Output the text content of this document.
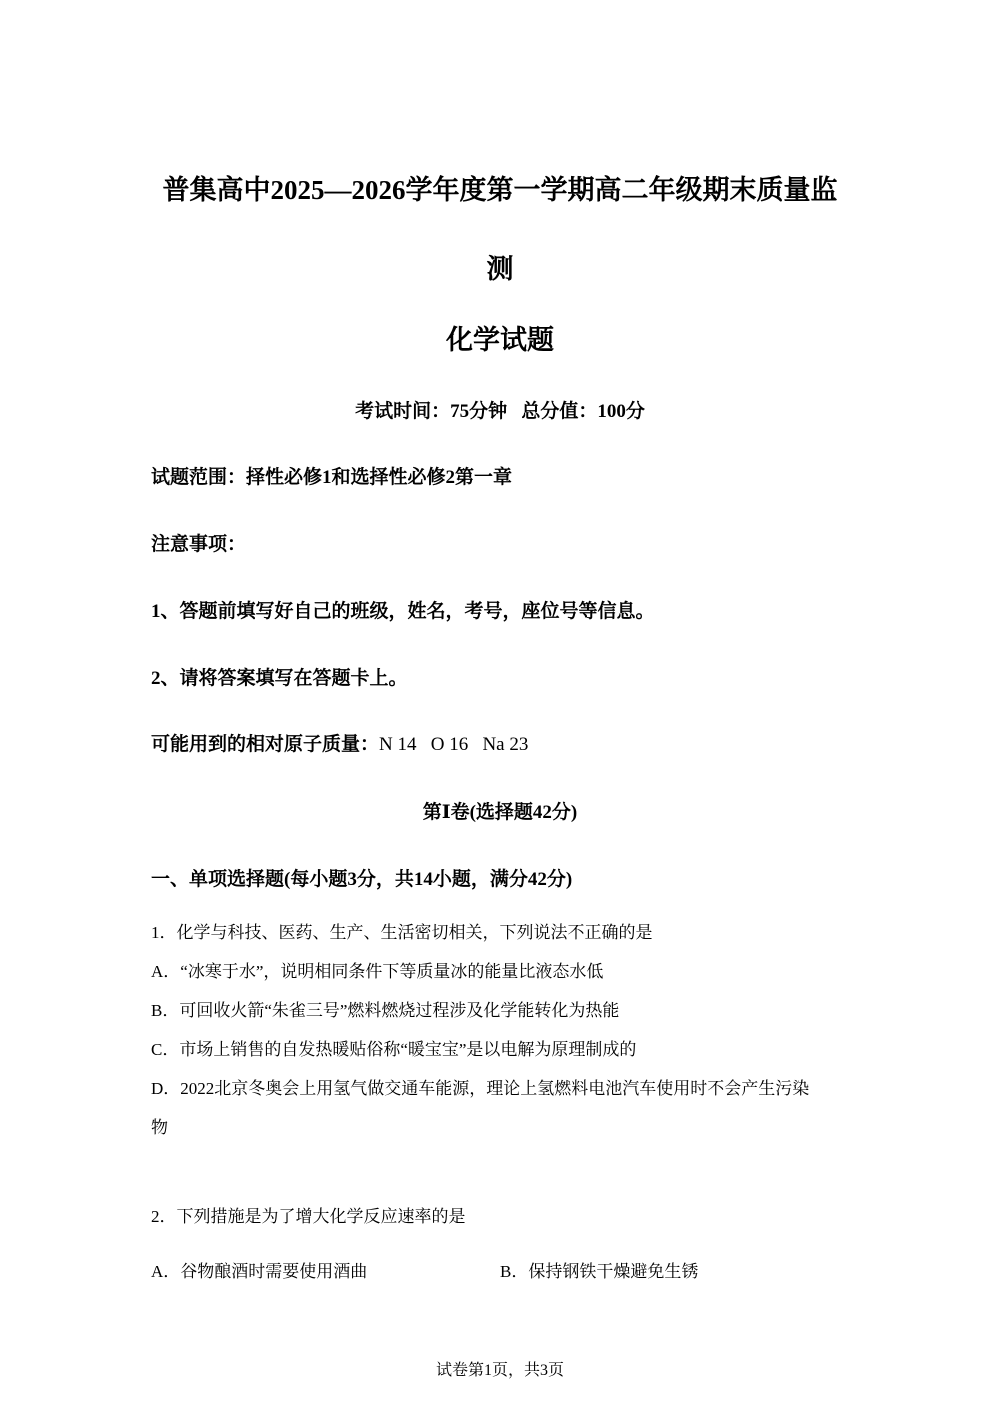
普集高中2025—2026学年度第一学期高二年级期末质量监
测
化学试题
考试时间：75分钟   总分值：100分
试题范围：择性必修1和选择性必修2第一章
注意事项：
1、答题前填写好自己的班级，姓名，考号，座位号等信息。
2、请将答案填写在答题卡上。
可能用到的相对原子质量：N 14   O 16   Na 23
第Ⅰ卷(选择题42分)
一、单项选择题(每小题3分，共14小题，满分42分)
1．化学与科技、医药、生产、生活密切相关，下列说法不正确的是
A．“冰寒于水”，说明相同条件下等质量冰的能量比液态水低
B．可回收火箭“朱雀三号”燃料燃烧过程涉及化学能转化为热能
C．市场上销售的自发热暖贴俗称“暖宝宝”是以电解为原理制成的
D．2022北京冬奥会上用氢气做交通车能源，理论上氢燃料电池汽车使用时不会产生污染
物
2．下列措施是为了增大化学反应速率的是
A．谷物酿酒时需要使用酒曲	B．保持钢铁干燥避免生锈
试卷第1页，共3页
